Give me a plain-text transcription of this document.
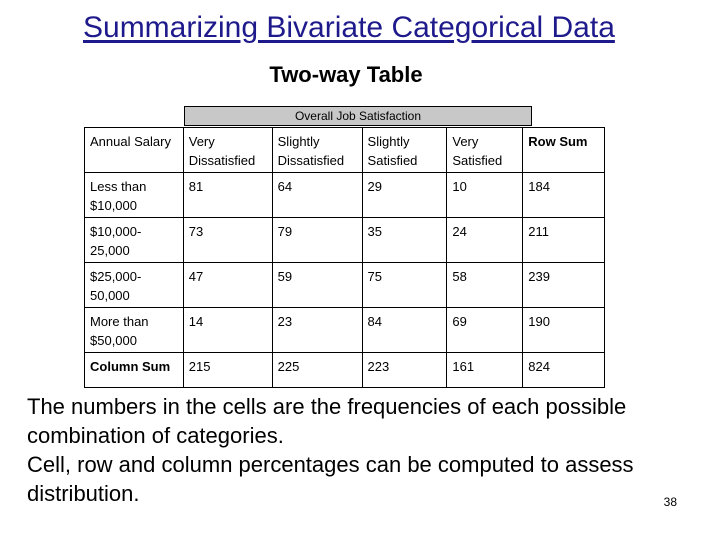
Summarizing Bivariate Categorical Data
Two-way Table
Overall Job Satisfaction
Annual Salary	Very Dissatisfied	Slightly Dissatisfied	Slightly Satisfied	Very Satisfied	Row Sum
Less than $10,000	81	64	29	10	184
$10,000-25,000	73	79	35	24	211
$25,000-50,000	47	59	75	58	239
More than $50,000	14	23	84	69	190
Column Sum	215	225	223	161	824
The numbers in the cells are the frequencies of each possible combination of categories.
Cell, row and column percentages can be computed to assess distribution.	38
